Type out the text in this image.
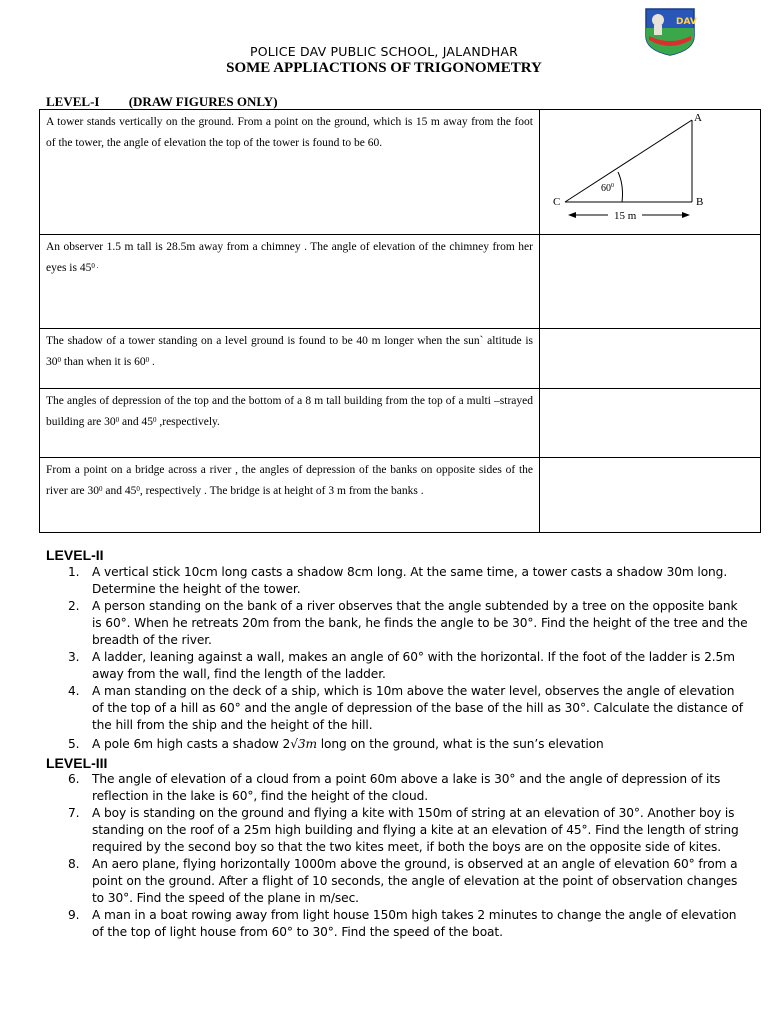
DAV
POLICE DAV PUBLIC SCHOOL, JALANDHAR
SOME APPLIACTIONS OF TRIGONOMETRY
LEVEL-I (DRAW FIGURES ONLY)
A tower stands vertically on the ground. From a point on the ground, which is 15 m away from the foot of the tower, the angle of elevation the top of the tower is found to be 60.	A
B
C
$60^0$
15 m

An observer 1.5 m tall is 28.5m away from a chimney . The angle of elevation of the chimney from her eyes is $45^{0 .}$	
The shadow of a tower standing on a level ground is found to be 40 m longer when the sun` altitude is $30^0$ than when it is $60^0$ .	
The angles of depression of the top and the bottom of a 8 m tall building from the top of a multi –strayed building are $30^0$ and $45^0$ ,respectively.	
From a point on a bridge across a river , the angles of depression of the banks on opposite sides of the river are $30^0$ and $45^0$, respectively . The bridge is at height of 3 m from the banks .	
LEVEL-II
1. A vertical stick 10cm long casts a shadow 8cm long. At the same time, a tower casts a shadow 30m long. Determine the height of the tower.
2. A person standing on the bank of a river observes that the angle subtended by a tree on the opposite bank is 60°. When he retreats 20m from the bank, he finds the angle to be 30°. Find the height of the tree and the breadth of the river.
3. A ladder, leaning against a wall, makes an angle of 60° with the horizontal. If the foot of the ladder is 2.5m away from the wall, find the length of the ladder.
4. A man standing on the deck of a ship, which is 10m above the water level, observes the angle of elevation of the top of a hill as 60° and the angle of depression of the base of the hill as 30°. Calculate the distance of the hill from the ship and the height of the hill.
5. A pole 6m high casts a shadow 2√3m long on the ground, what is the sun’s elevation
LEVEL-III
6. The angle of elevation of a cloud from a point 60m above a lake is 30° and the angle of depression of its reflection in the lake is 60°, find the height of the cloud.
7. A boy is standing on the ground and flying a kite with 150m of string at an elevation of 30°. Another boy is standing on the roof of a 25m high building and flying a kite at an elevation of 45°. Find the length of string required by the second boy so that the two kites meet, if both the boys are on the opposite side of kites.
8. An aero plane, flying horizontally 1000m above the ground, is observed at an angle of elevation 60° from a point on the ground. After a flight of 10 seconds, the angle of elevation at the point of observation changes to 30°. Find the speed of the plane in m/sec.
9. A man in a boat rowing away from light house 150m high takes 2 minutes to change the angle of elevation of the top of light house from 60° to 30°. Find the speed of the boat.
